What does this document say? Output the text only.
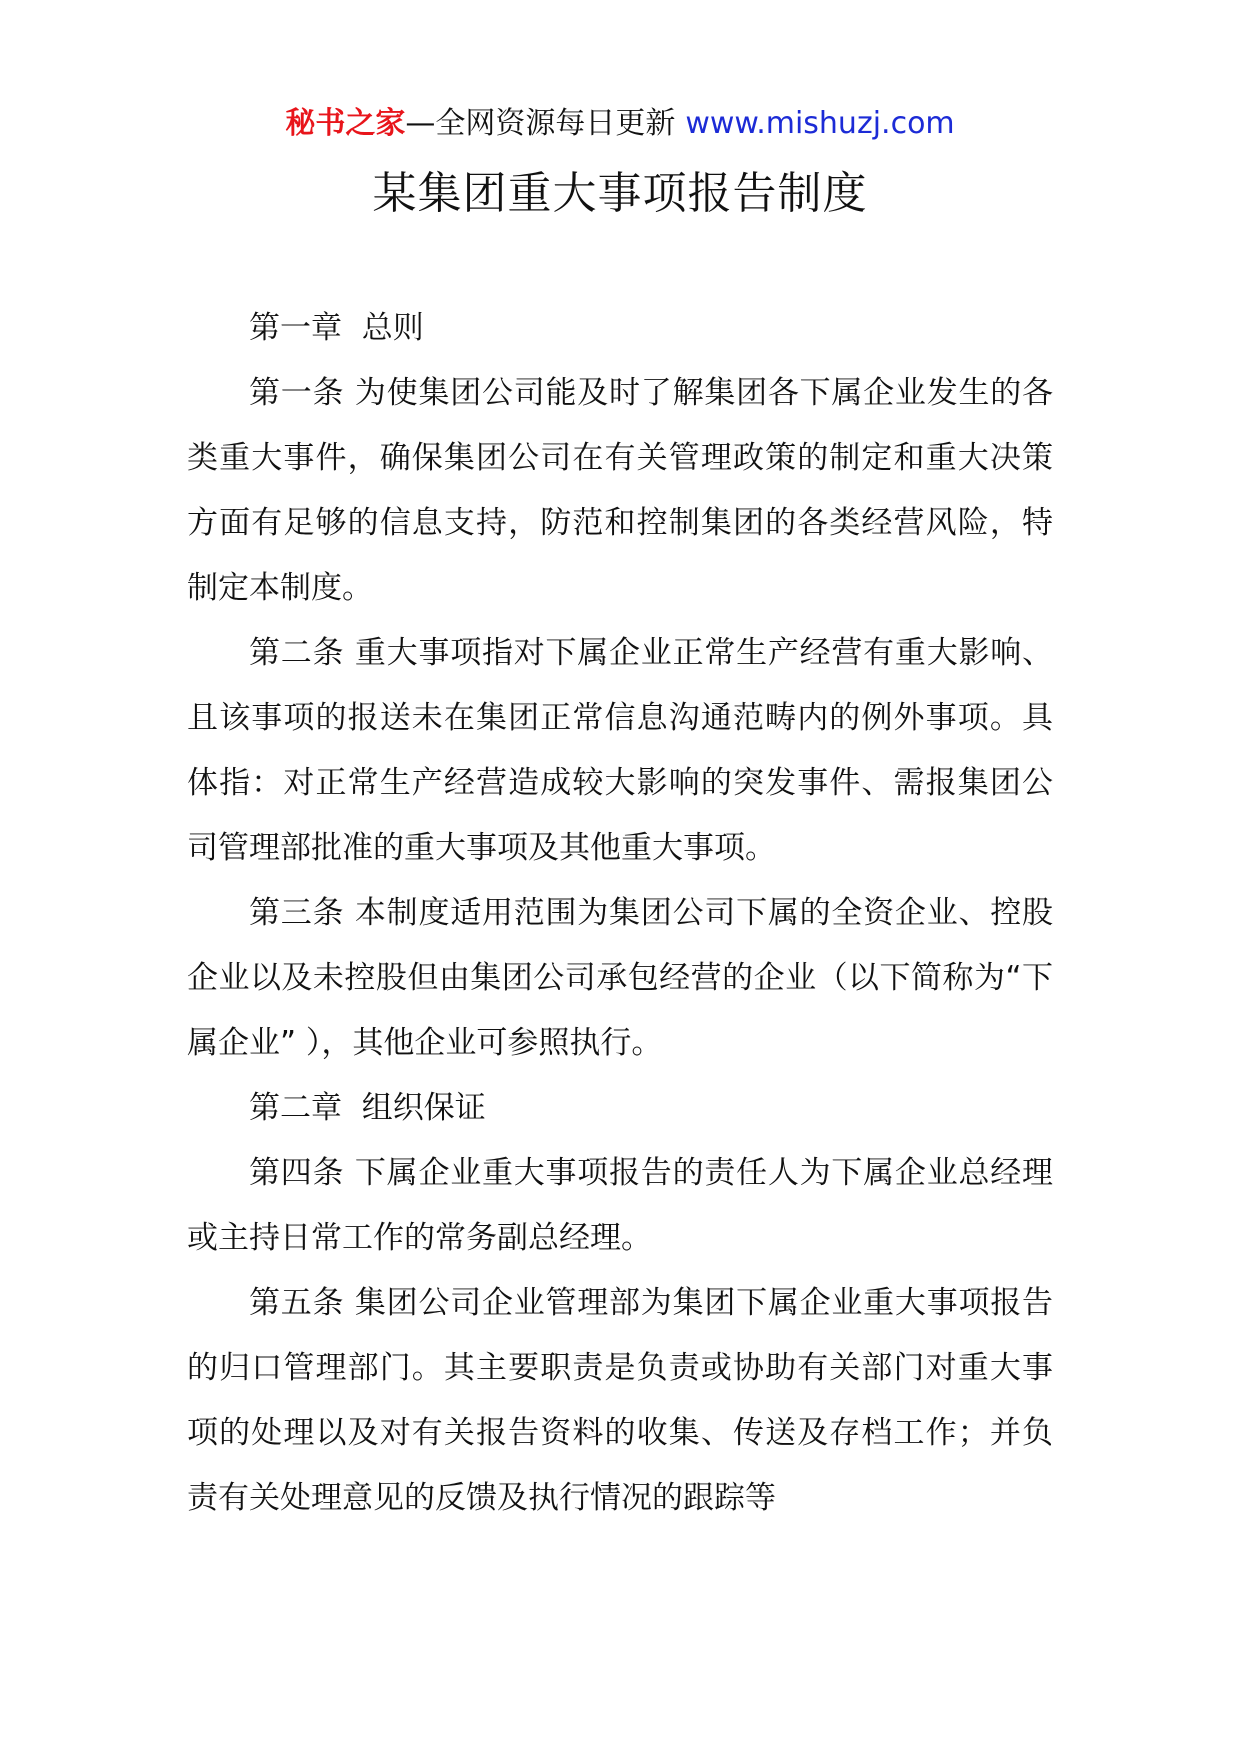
秘书之家—全网资源每日更新 www.mishuzj.com
某集团重大事项报告制度

第一章  总则

第一条 为使集团公司能及时了解集团各下属企业发生的各类重大事件，确保集团公司在有关管理政策的制定和重大决策方面有足够的信息支持，防范和控制集团的各类经营风险，特制定本制度。

第二条 重大事项指对下属企业正常生产经营有重大影响、且该事项的报送未在集团正常信息沟通范畴内的例外事项。具体指：对正常生产经营造成较大影响的突发事件、需报集团公司管理部批准的重大事项及其他重大事项。

第三条 本制度适用范围为集团公司下属的全资企业、控股企业以及未控股但由集团公司承包经营的企业（以下简称为“下属企业” ），其他企业可参照执行。

第二章  组织保证

第四条 下属企业重大事项报告的责任人为下属企业总经理或主持日常工作的常务副总经理。

第五条 集团公司企业管理部为集团下属企业重大事项报告的归口管理部门。其主要职责是负责或协助有关部门对重大事项的处理以及对有关报告资料的收集、传送及存档工作；并负责有关处理意见的反馈及执行情况的跟踪等
